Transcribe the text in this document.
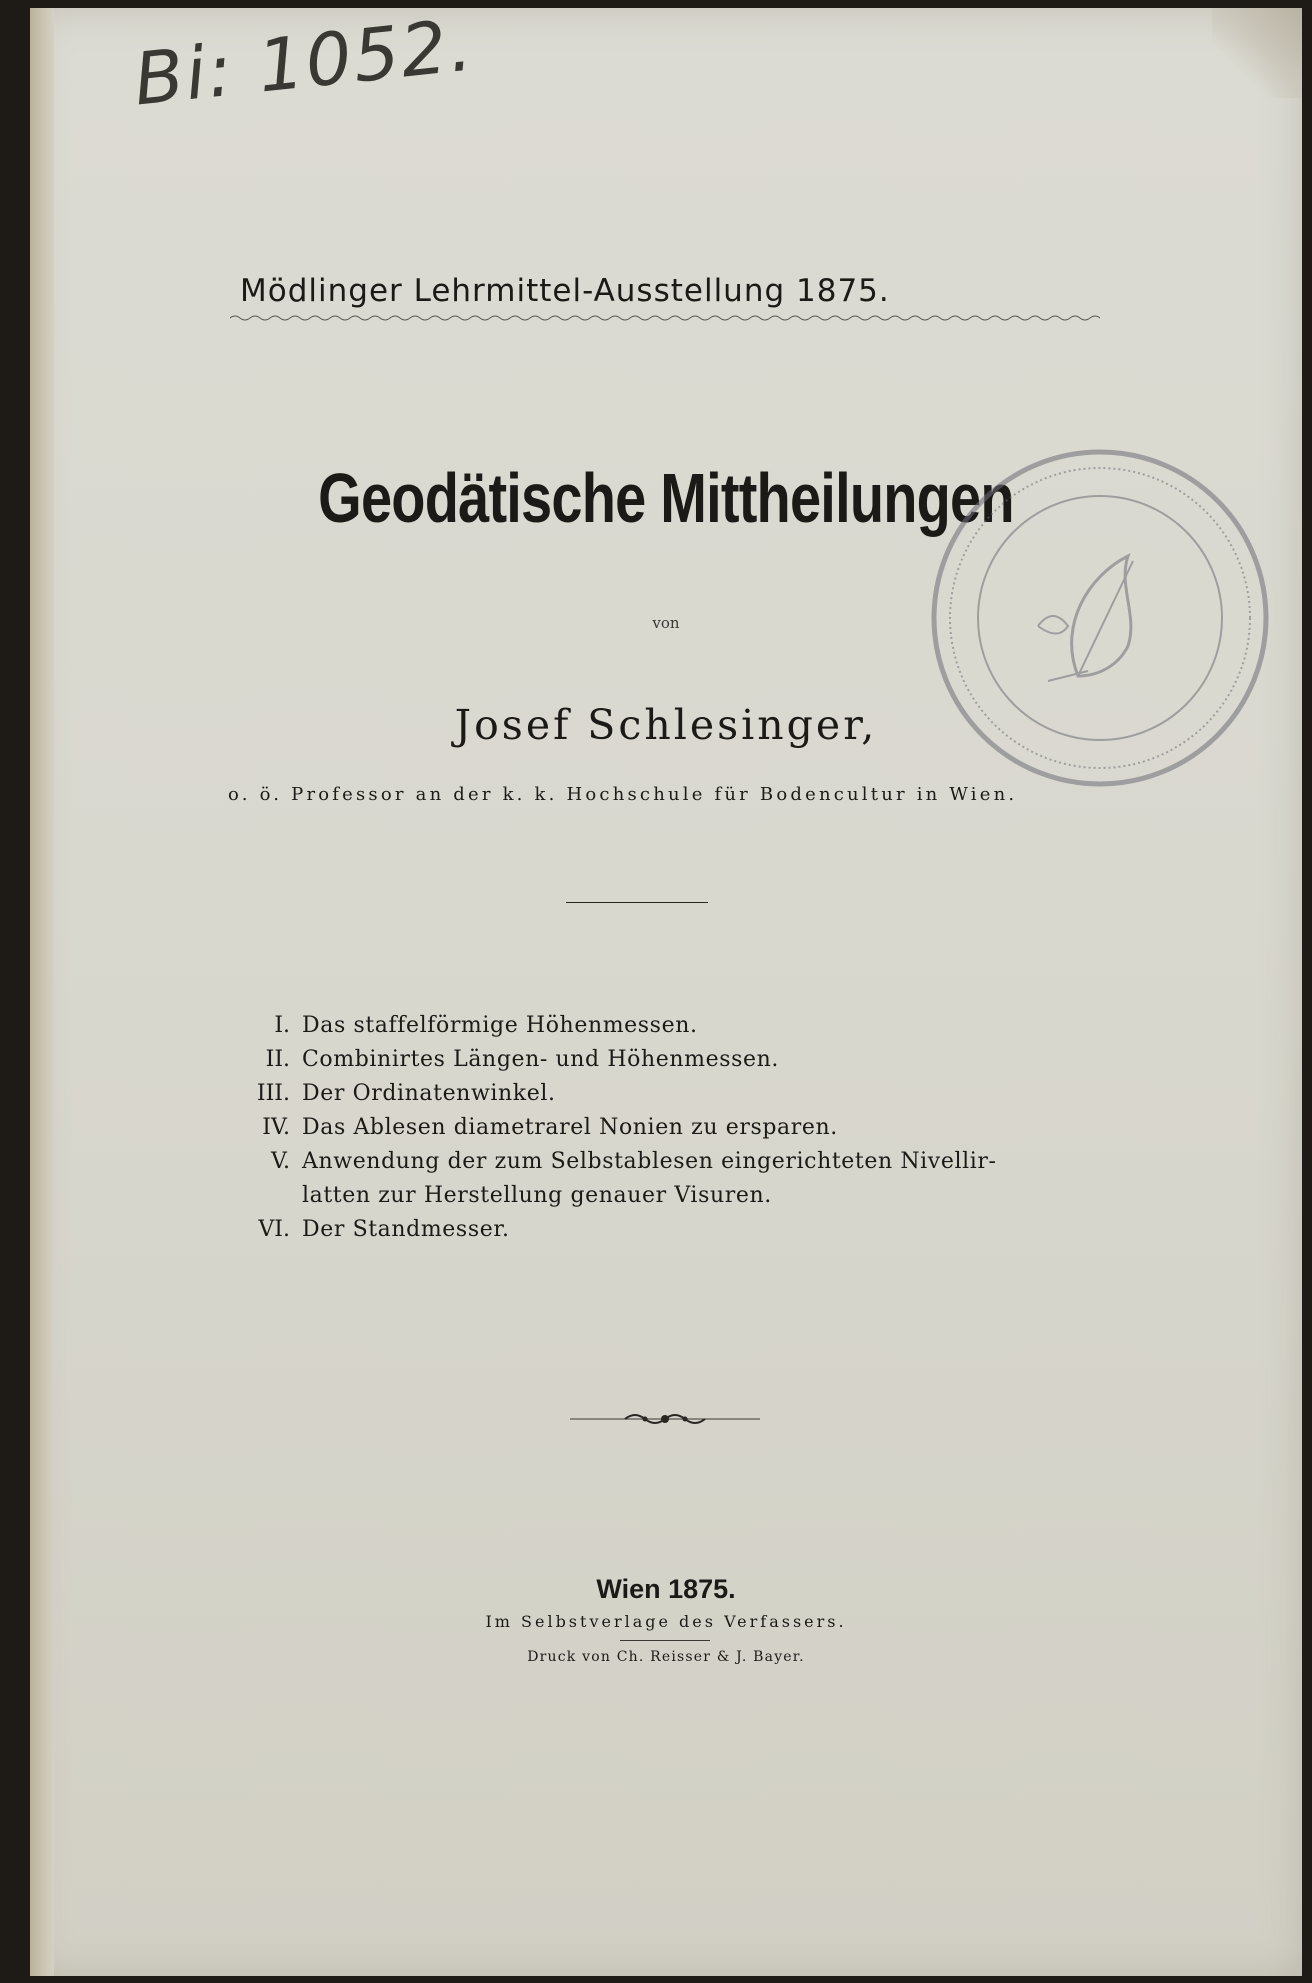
Bi: 1052.
Mödlinger Lehrmittel-Ausstellung 1875.
Geodätische Mittheilungen
von
Josef Schlesinger,
o. ö. Professor an der k. k. Hochschule für Bodencultur in Wien.
I. Das staffelförmige Höhenmessen.
II. Combinirtes Längen- und Höhenmessen.
III. Der Ordinatenwinkel.
IV. Das Ablesen diametrarel Nonien zu ersparen.
V. Anwendung der zum Selbstablesen eingerichteten Nivellir-
latten zur Herstellung genauer Visuren.
VI. Der Standmesser.
Wien 1875.
Im Selbstverlage des Verfassers.
Druck von Ch. Reisser & J. Bayer.
